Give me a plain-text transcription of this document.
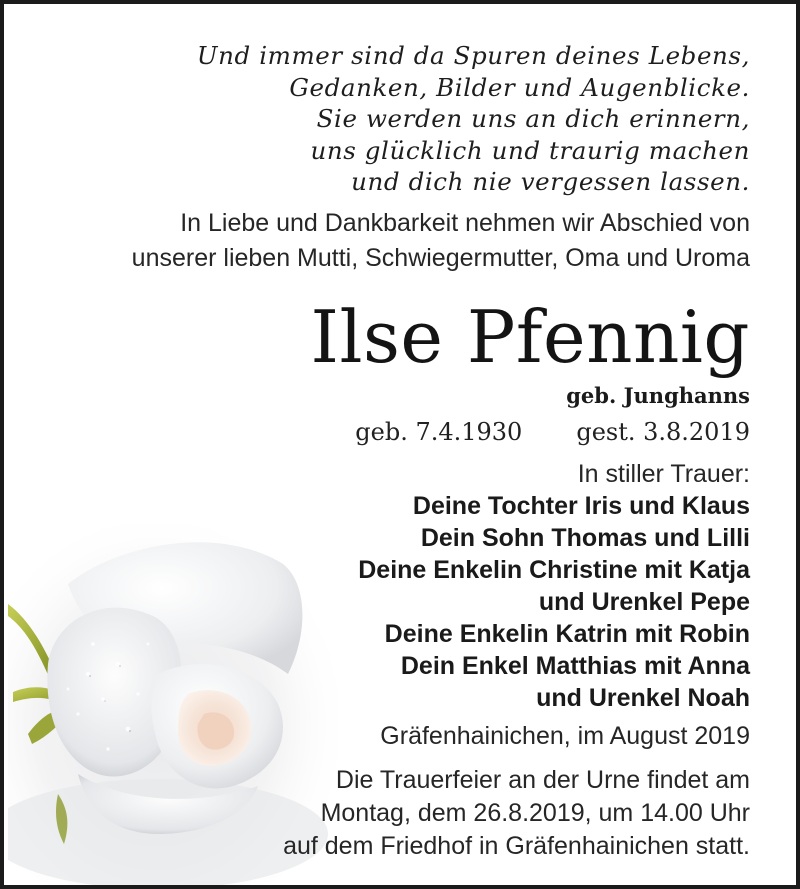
Und immer sind da Spuren deines Lebens,
Gedanken, Bilder und Augenblicke.
Sie werden uns an dich erinnern,
uns glücklich und traurig machen
und dich nie vergessen lassen.
In Liebe und Dankbarkeit nehmen wir Abschied von
unserer lieben Mutti, Schwiegermutter, Oma und Uroma
Ilse Pfennig
geb. Junghanns
geb. 7.4.1930 gest. 3.8.2019
In stiller Trauer:
Deine Tochter Iris und Klaus
Dein Sohn Thomas und Lilli
Deine Enkelin Christine mit Katja
und Urenkel Pepe
Deine Enkelin Katrin mit Robin
Dein Enkel Matthias mit Anna
und Urenkel Noah
Gräfenhainichen, im August 2019
Die Trauerfeier an der Urne findet am
Montag, dem 26.8.2019, um 14.00 Uhr
auf dem Friedhof in Gräfenhainichen statt.
